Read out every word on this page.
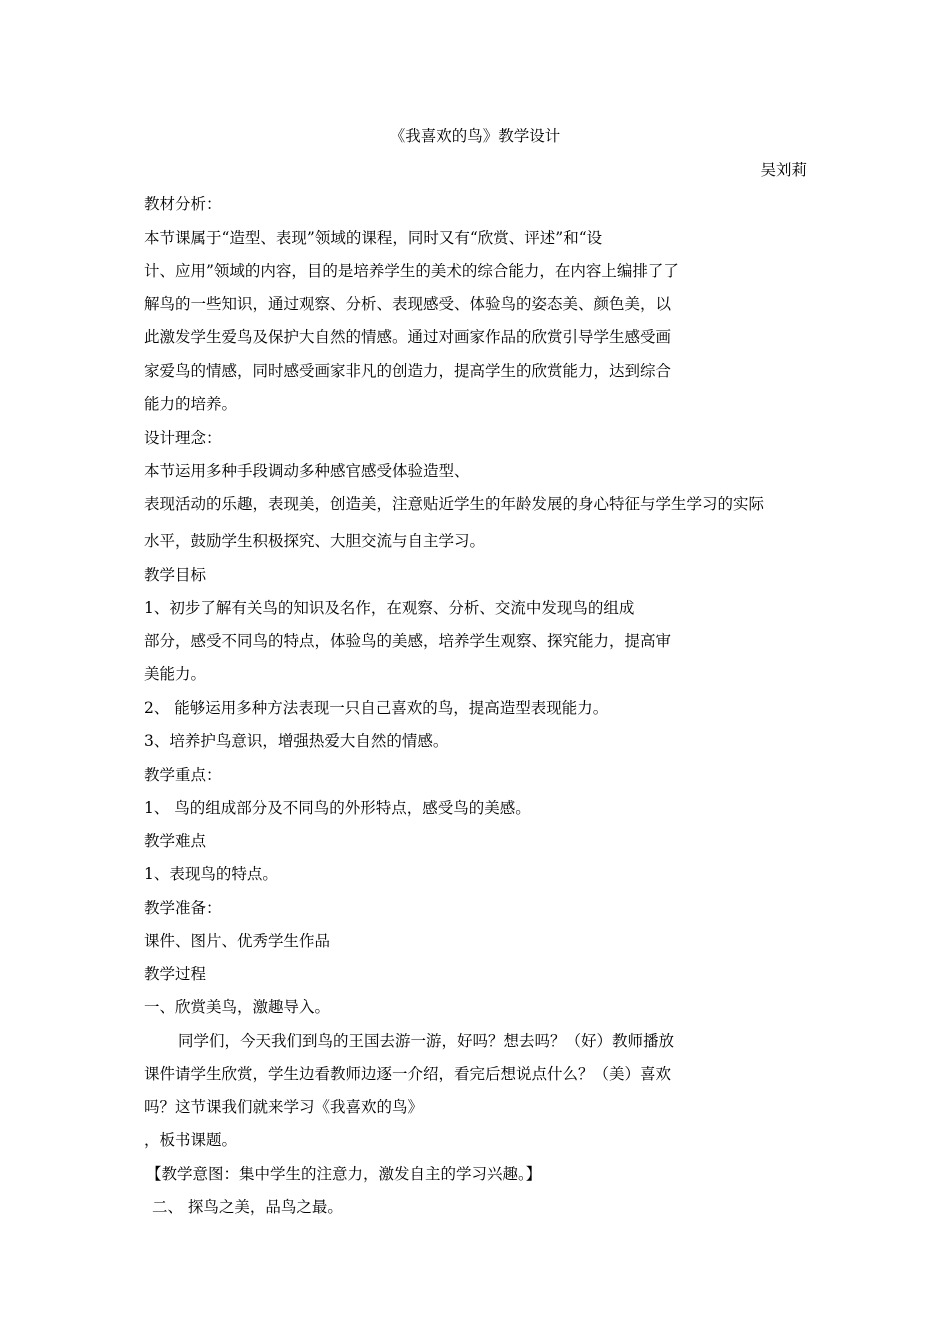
《我喜欢的鸟》教学设计
吴刘莉

教材分析：

本节课属于“造型、表现”领域的课程，同时又有“欣赏、评述”和“设

计、应用”领域的内容，目的是培养学生的美术的综合能力，在内容上编排了了

解鸟的一些知识，通过观察、分析、表现感受、体验鸟的姿态美、颜色美，以

此激发学生爱鸟及保护大自然的情感。通过对画家作品的欣赏引导学生感受画

家爱鸟的情感，同时感受画家非凡的创造力，提高学生的欣赏能力，达到综合

能力的培养。

设计理念：

本节运用多种手段调动多种感官感受体验造型、

表现活动的乐趣，表现美，创造美，注意贴近学生的年龄发展的身心特征与学生学习的实际

水平，鼓励学生积极探究、大胆交流与自主学习。

教学目标

1、初步了解有关鸟的知识及名作，在观察、分析、交流中发现鸟的组成

部分，感受不同鸟的特点，体验鸟的美感，培养学生观察、探究能力，提高审

美能力。

2、 能够运用多种方法表现一只自己喜欢的鸟，提高造型表现能力。

3、培养护鸟意识，增强热爱大自然的情感。

教学重点：

1、 鸟的组成部分及不同鸟的外形特点，感受鸟的美感。

教学难点

1、表现鸟的特点。

教学准备：

课件、图片、优秀学生作品

教学过程

一、欣赏美鸟，激趣导入。

同学们，今天我们到鸟的王国去游一游，好吗？想去吗？（好）教师播放

课件请学生欣赏，学生边看教师边逐一介绍，看完后想说点什么？（美）喜欢

吗？这节课我们就来学习《我喜欢的鸟》

，板书课题。

【教学意图：集中学生的注意力，激发自主的学习兴趣。】

二、 探鸟之美，品鸟之最。
